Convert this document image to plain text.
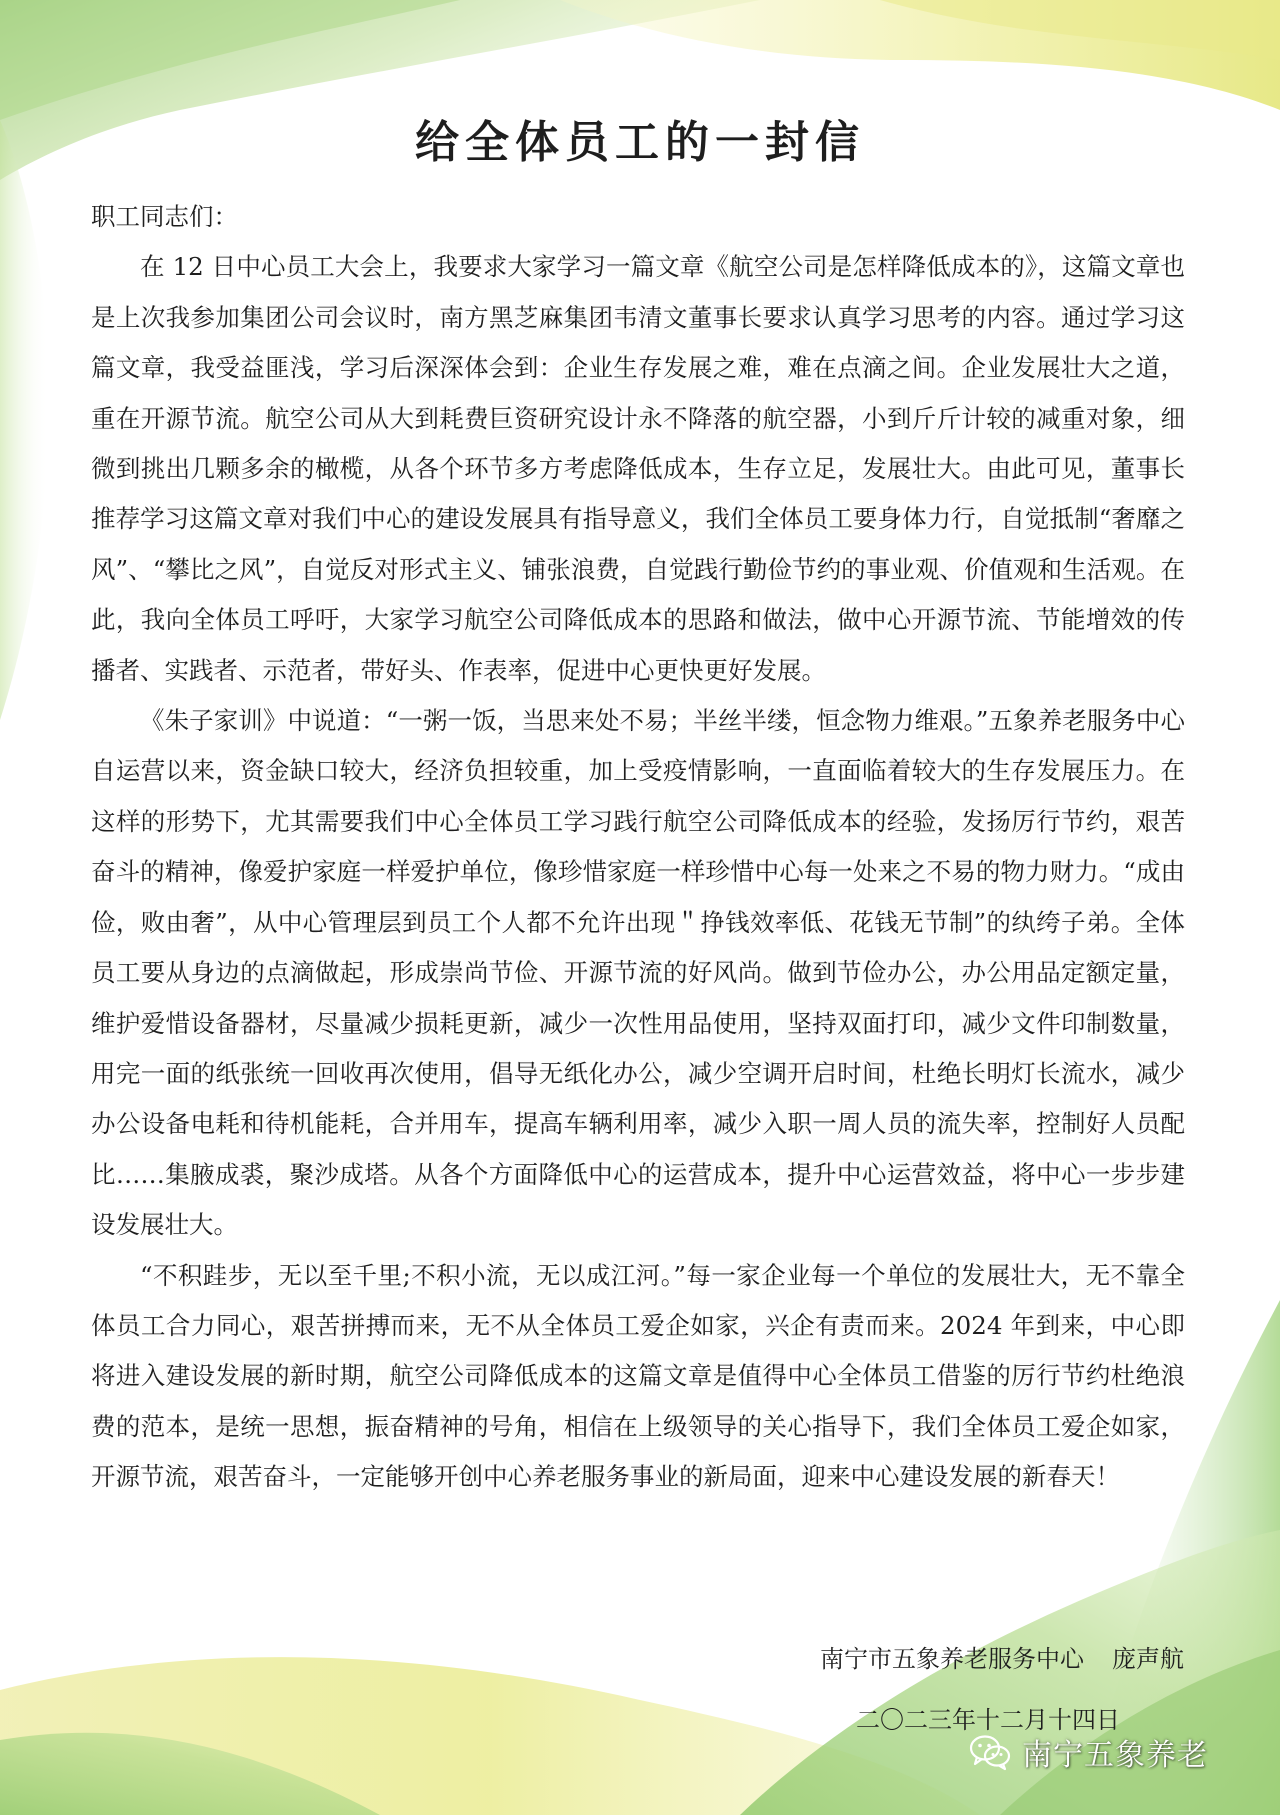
给全体员工的一封信

职工同志们：

在 12 日中心员工大会上，我要求大家学习一篇文章《航空公司是怎样降低成本的》，这篇文章也是上次我参加集团公司会议时，南方黑芝麻集团韦清文董事长要求认真学习思考的内容。通过学习这篇文章，我受益匪浅，学习后深深体会到：企业生存发展之难，难在点滴之间。企业发展壮大之道，重在开源节流。航空公司从大到耗费巨资研究设计永不降落的航空器，小到斤斤计较的减重对象，细微到挑出几颗多余的橄榄，从各个环节多方考虑降低成本，生存立足，发展壮大。由此可见，董事长推荐学习这篇文章对我们中心的建设发展具有指导意义，我们全体员工要身体力行，自觉抵制“奢靡之风”、“攀比之风”，自觉反对形式主义、铺张浪费，自觉践行勤俭节约的事业观、价值观和生活观。在此，我向全体员工呼吁，大家学习航空公司降低成本的思路和做法，做中心开源节流、节能增效的传播者、实践者、示范者，带好头、作表率，促进中心更快更好发展。

《朱子家训》中说道：“一粥一饭，当思来处不易；半丝半缕，恒念物力维艰。”五象养老服务中心自运营以来，资金缺口较大，经济负担较重，加上受疫情影响，一直面临着较大的生存发展压力。在这样的形势下，尤其需要我们中心全体员工学习践行航空公司降低成本的经验，发扬厉行节约，艰苦奋斗的精神，像爱护家庭一样爱护单位，像珍惜家庭一样珍惜中心每一处来之不易的物力财力。“成由俭，败由奢”，从中心管理层到员工个人都不允许出现＂挣钱效率低、花钱无节制”的纨绔子弟。全体员工要从身边的点滴做起，形成崇尚节俭、开源节流的好风尚。做到节俭办公，办公用品定额定量，维护爱惜设备器材，尽量减少损耗更新，减少一次性用品使用，坚持双面打印，减少文件印制数量，用完一面的纸张统一回收再次使用，倡导无纸化办公，减少空调开启时间，杜绝长明灯长流水，减少办公设备电耗和待机能耗，合并用车，提高车辆利用率，减少入职一周人员的流失率，控制好人员配比……集腋成裘，聚沙成塔。从各个方面降低中心的运营成本，提升中心运营效益，将中心一步步建设发展壮大。

“不积跬步，无以至千里;不积小流，无以成江河。”每一家企业每一个单位的发展壮大，无不靠全体员工合力同心，艰苦拼搏而来，无不从全体员工爱企如家，兴企有责而来。2024 年到来，中心即将进入建设发展的新时期，航空公司降低成本的这篇文章是值得中心全体员工借鉴的厉行节约杜绝浪费的范本，是统一思想，振奋精神的号角，相信在上级领导的关心指导下，我们全体员工爱企如家，开源节流，艰苦奋斗，一定能够开创中心养老服务事业的新局面，迎来中心建设发展的新春天！

南宁市五象养老服务中心 庞声航
二〇二三年十二月十四日
南宁五象养老
